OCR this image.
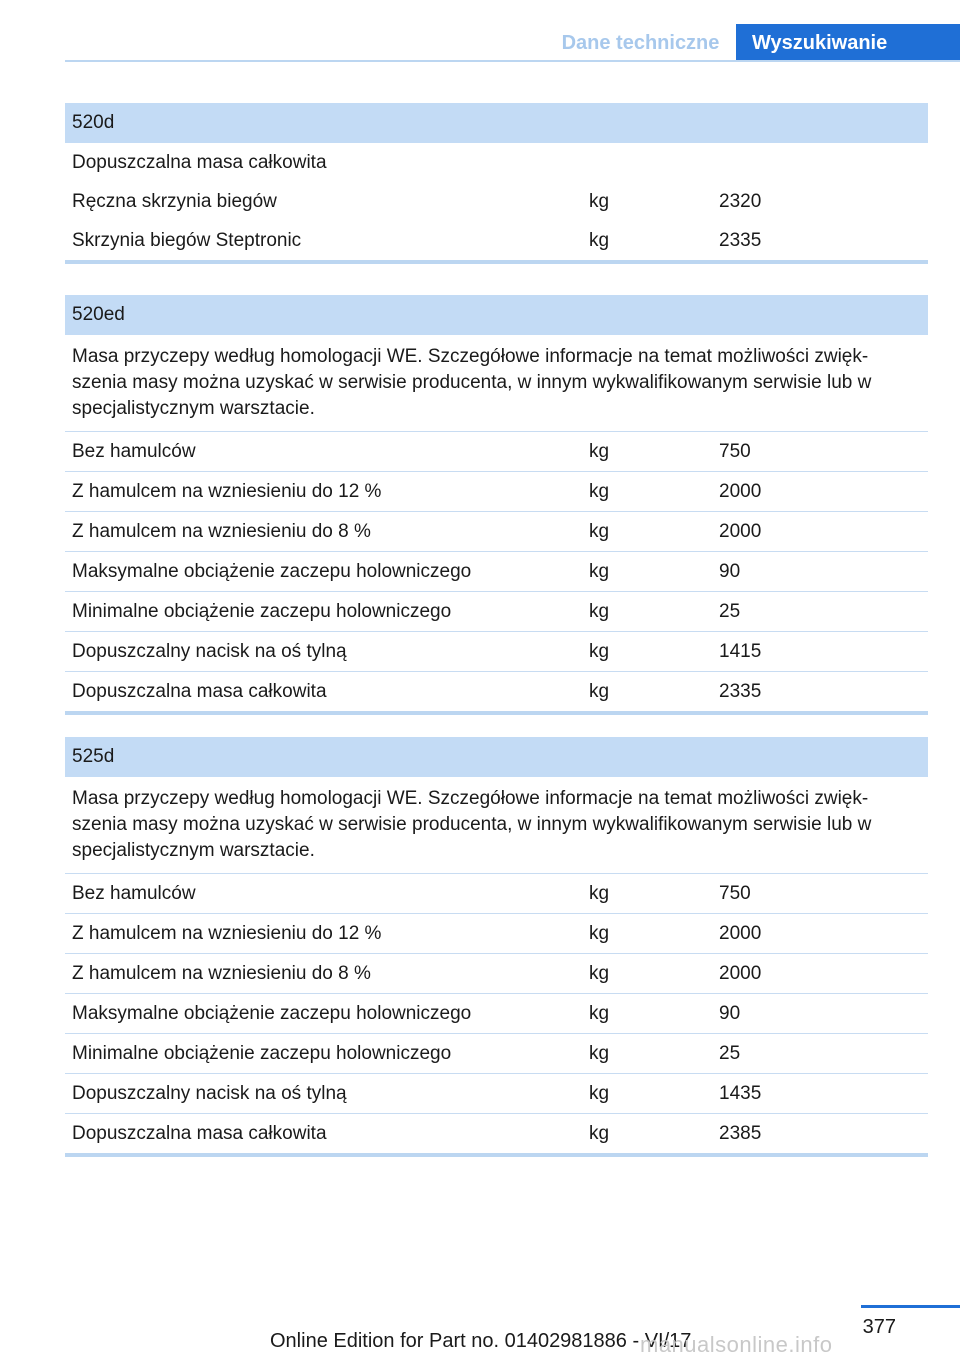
Dane techniczne	Wyszukiwanie
520d
Dopuszczalna masa całkowita
Ręczna skrzynia biegów	kg	2320
Skrzynia biegów Steptronic	kg	2335
520ed
Masa przyczepy według homologacji WE. Szczegółowe informacje na temat możliwości zwięk-szenia masy można uzyskać w serwisie producenta, w innym wykwalifikowanym serwisie lub w specjalistycznym warsztacie.
Bez hamulców	kg	750
Z hamulcem na wzniesieniu do 12 %	kg	2000
Z hamulcem na wzniesieniu do 8 %	kg	2000
Maksymalne obciążenie zaczepu holowniczego	kg	90
Minimalne obciążenie zaczepu holowniczego	kg	25
Dopuszczalny nacisk na oś tylną	kg	1415
Dopuszczalna masa całkowita	kg	2335
525d
Masa przyczepy według homologacji WE. Szczegółowe informacje na temat możliwości zwięk-szenia masy można uzyskać w serwisie producenta, w innym wykwalifikowanym serwisie lub w specjalistycznym warsztacie.
Bez hamulców	kg	750
Z hamulcem na wzniesieniu do 12 %	kg	2000
Z hamulcem na wzniesieniu do 8 %	kg	2000
Maksymalne obciążenie zaczepu holowniczego	kg	90
Minimalne obciążenie zaczepu holowniczego	kg	25
Dopuszczalny nacisk na oś tylną	kg	1435
Dopuszczalna masa całkowita	kg	2385
377
Online Edition for Part no. 01402981886 - VI/17
manualsonline.info
